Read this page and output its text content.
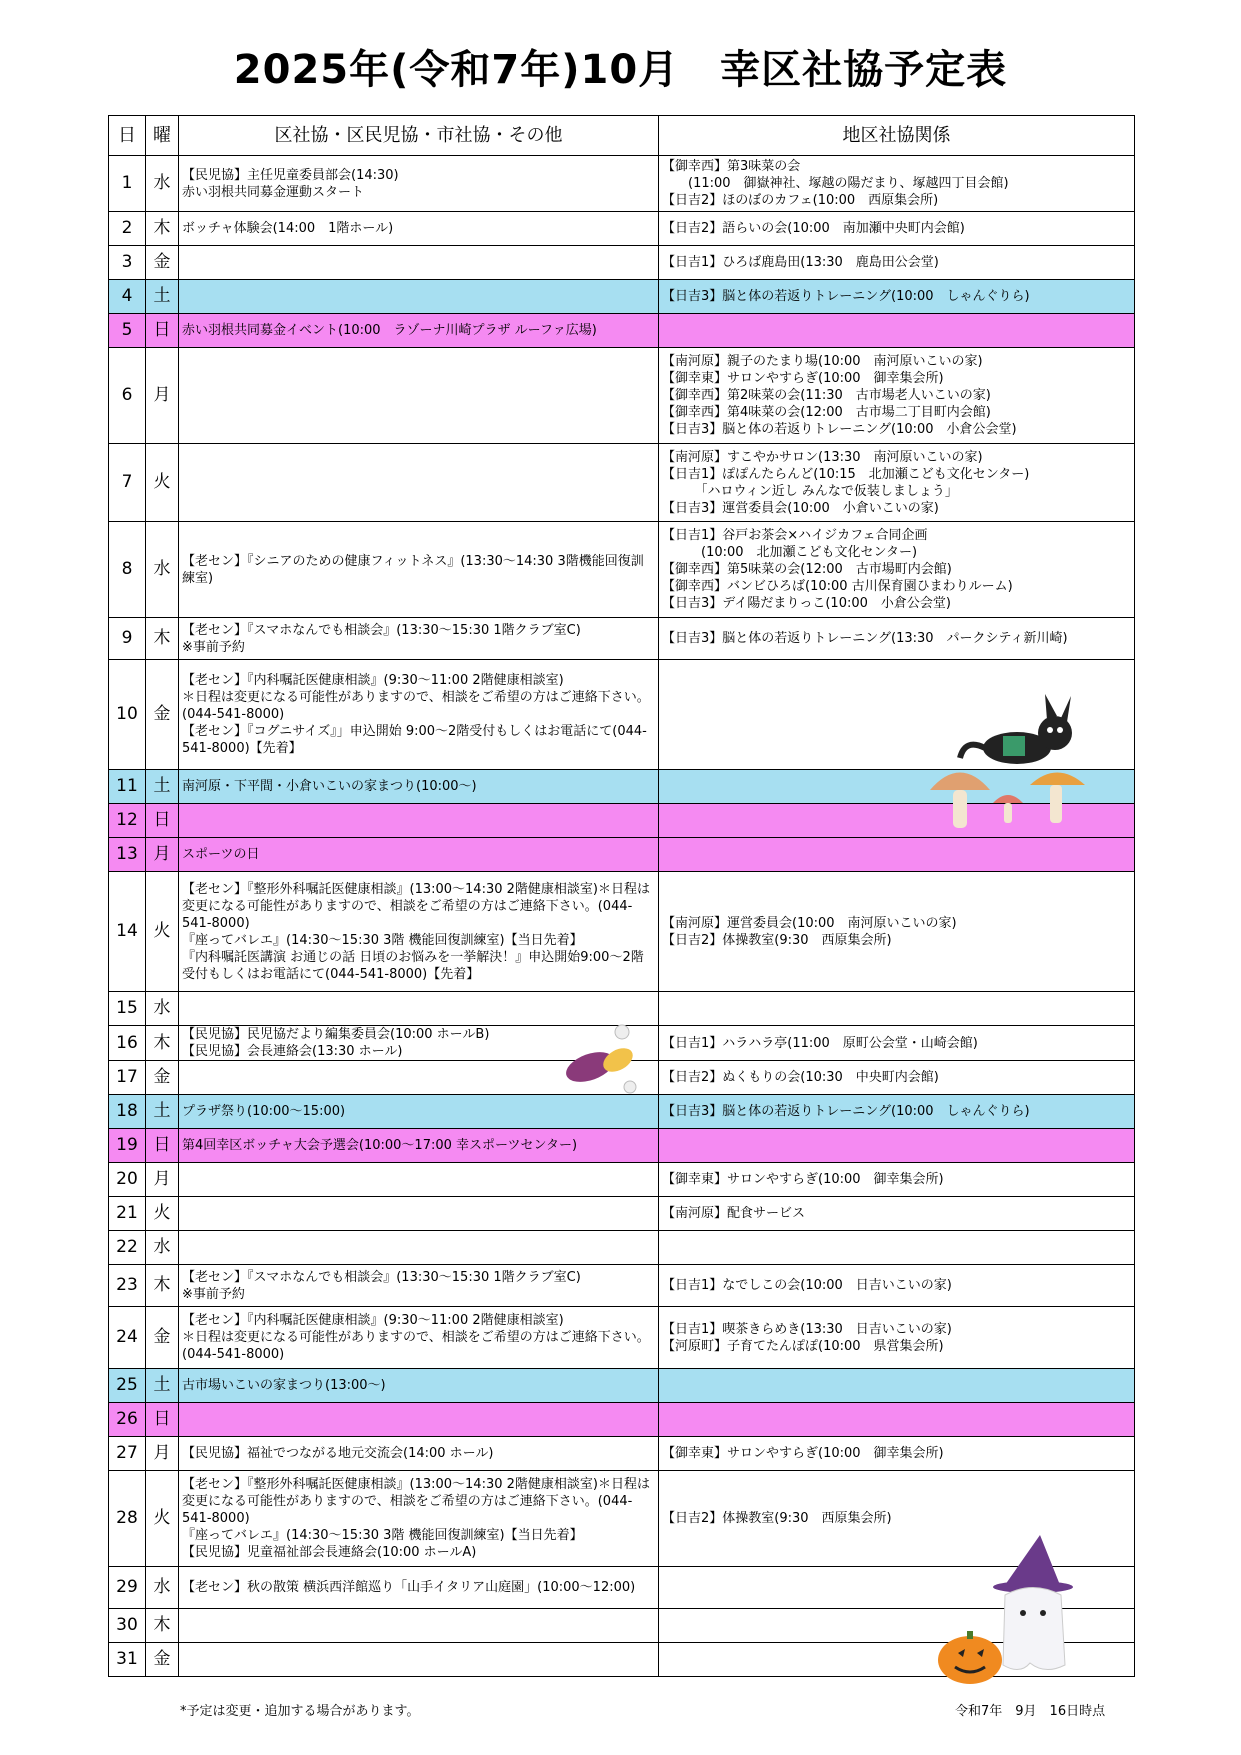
2025年(令和7年)10月　幸区社協予定表
日	曜	区社協・区民児協・市社協・その他	地区社協関係
1	水	【民児協】主任児童委員部会(14:30)
赤い羽根共同募金運動スタート	【御幸西】第3味菜の会
　　(11:00　御嶽神社、塚越の陽だまり、塚越四丁目会館)
【日吉2】ほのぼのカフェ(10:00　西原集会所)

2	木	ボッチャ体験会(14:00　1階ホール)	【日吉2】語らいの会(10:00　南加瀬中央町内会館)

3	金		【日吉1】ひろば鹿島田(13:30　鹿島田公会堂)

4	土		【日吉3】脳と体の若返りトレーニング(10:00　しゃんぐりら)

5	日	赤い羽根共同募金イベント(10:00　ラゾーナ川崎プラザ ルーファ広場)	

6	月		【南河原】親子のたまり場(10:00　南河原いこいの家)
【御幸東】サロンやすらぎ(10:00　御幸集会所)
【御幸西】第2味菜の会(11:30　古市場老人いこいの家)
【御幸西】第4味菜の会(12:00　古市場二丁目町内会館)
【日吉3】脳と体の若返りトレーニング(10:00　小倉公会堂)

7	火		【南河原】すこやかサロン(13:30　南河原いこいの家)
【日吉1】ぽぽんたらんど(10:15　北加瀬こども文化センター)
　　　「ハロウィン近し みんなで仮装しましょう」
【日吉3】運営委員会(10:00　小倉いこいの家)

8	水	【老セン】『シニアのための健康フィットネス』(13:30～14:30 3階機能回復訓練室)	【日吉1】谷戸お茶会×ハイジカフェ合同企画
　　　(10:00　北加瀬こども文化センター)
【御幸西】第5味菜の会(12:00　古市場町内会館)
【御幸西】バンビひろば(10:00 古川保育園ひまわりルーム)
【日吉3】デイ陽だまりっこ(10:00　小倉公会堂)

9	木	【老セン】『スマホなんでも相談会』(13:30～15:30 1階クラブ室C)
※事前予約	【日吉3】脳と体の若返りトレーニング(13:30　パークシティ新川崎)

10	金	【老セン】『内科嘱託医健康相談』(9:30～11:00 2階健康相談室)
＊日程は変更になる可能性がありますので、相談をご希望の方はご連絡下さい。(044-541-8000)
【老セン】『コグニサイズ』」申込開始 9:00～2階受付もしくはお電話にて(044-541-8000)【先着】	

11	土	南河原・下平間・小倉いこいの家まつり(10:00～)	

12	日		
13	月	スポーツの日	

14	火	【老セン】『整形外科嘱託医健康相談』(13:00～14:30 2階健康相談室)＊日程は変更になる可能性がありますので、相談をご希望の方はご連絡下さい。(044-541-8000)
『座ってバレエ』(14:30～15:30 3階 機能回復訓練室)【当日先着】
『内科嘱託医講演 お通じの話 日頃のお悩みを一挙解決！』申込開始9:00～2階受付もしくはお電話にて(044-541-8000)【先着】	【南河原】運営委員会(10:00　南河原いこいの家)
【日吉2】体操教室(9:30　西原集会所)

15	水		
16	木	【民児協】民児協だより編集委員会(10:00 ホールB)
【民児協】会長連絡会(13:30 ホール)	【日吉1】ハラハラ亭(11:00　原町公会堂・山崎会館)

17	金		【日吉2】ぬくもりの会(10:30　中央町内会館)

18	土	プラザ祭り(10:00～15:00)	【日吉3】脳と体の若返りトレーニング(10:00　しゃんぐりら)

19	日	第4回幸区ボッチャ大会予選会(10:00～17:00 幸スポーツセンター)	

20	月		【御幸東】サロンやすらぎ(10:00　御幸集会所)

21	火		【南河原】配食サービス

22	水		
23	木	【老セン】『スマホなんでも相談会』(13:30～15:30 1階クラブ室C)
※事前予約	【日吉1】なでしこの会(10:00　日吉いこいの家)

24	金	【老セン】『内科嘱託医健康相談』(9:30～11:00 2階健康相談室)
＊日程は変更になる可能性がありますので、相談をご希望の方はご連絡下さい。(044-541-8000)	【日吉1】喫茶きらめき(13:30　日吉いこいの家)
【河原町】子育てたんぽぽ(10:00　県営集会所)

25	土	古市場いこいの家まつり(13:00～)	

26	日		
27	月	【民児協】福祉でつながる地元交流会(14:00 ホール)	【御幸東】サロンやすらぎ(10:00　御幸集会所)

28	火	【老セン】『整形外科嘱託医健康相談』(13:00～14:30 2階健康相談室)＊日程は変更になる可能性がありますので、相談をご希望の方はご連絡下さい。(044-541-8000)
『座ってバレエ』(14:30～15:30 3階 機能回復訓練室)【当日先着】
【民児協】児童福祉部会長連絡会(10:00 ホールA)	【日吉2】体操教室(9:30　西原集会所)

29	水	【老セン】秋の散策 横浜西洋館巡り「山手イタリア山庭園」(10:00～12:00)	

30	木		
31	金		
*予定は変更・追加する場合があります。	令和7年　9月　16日時点
